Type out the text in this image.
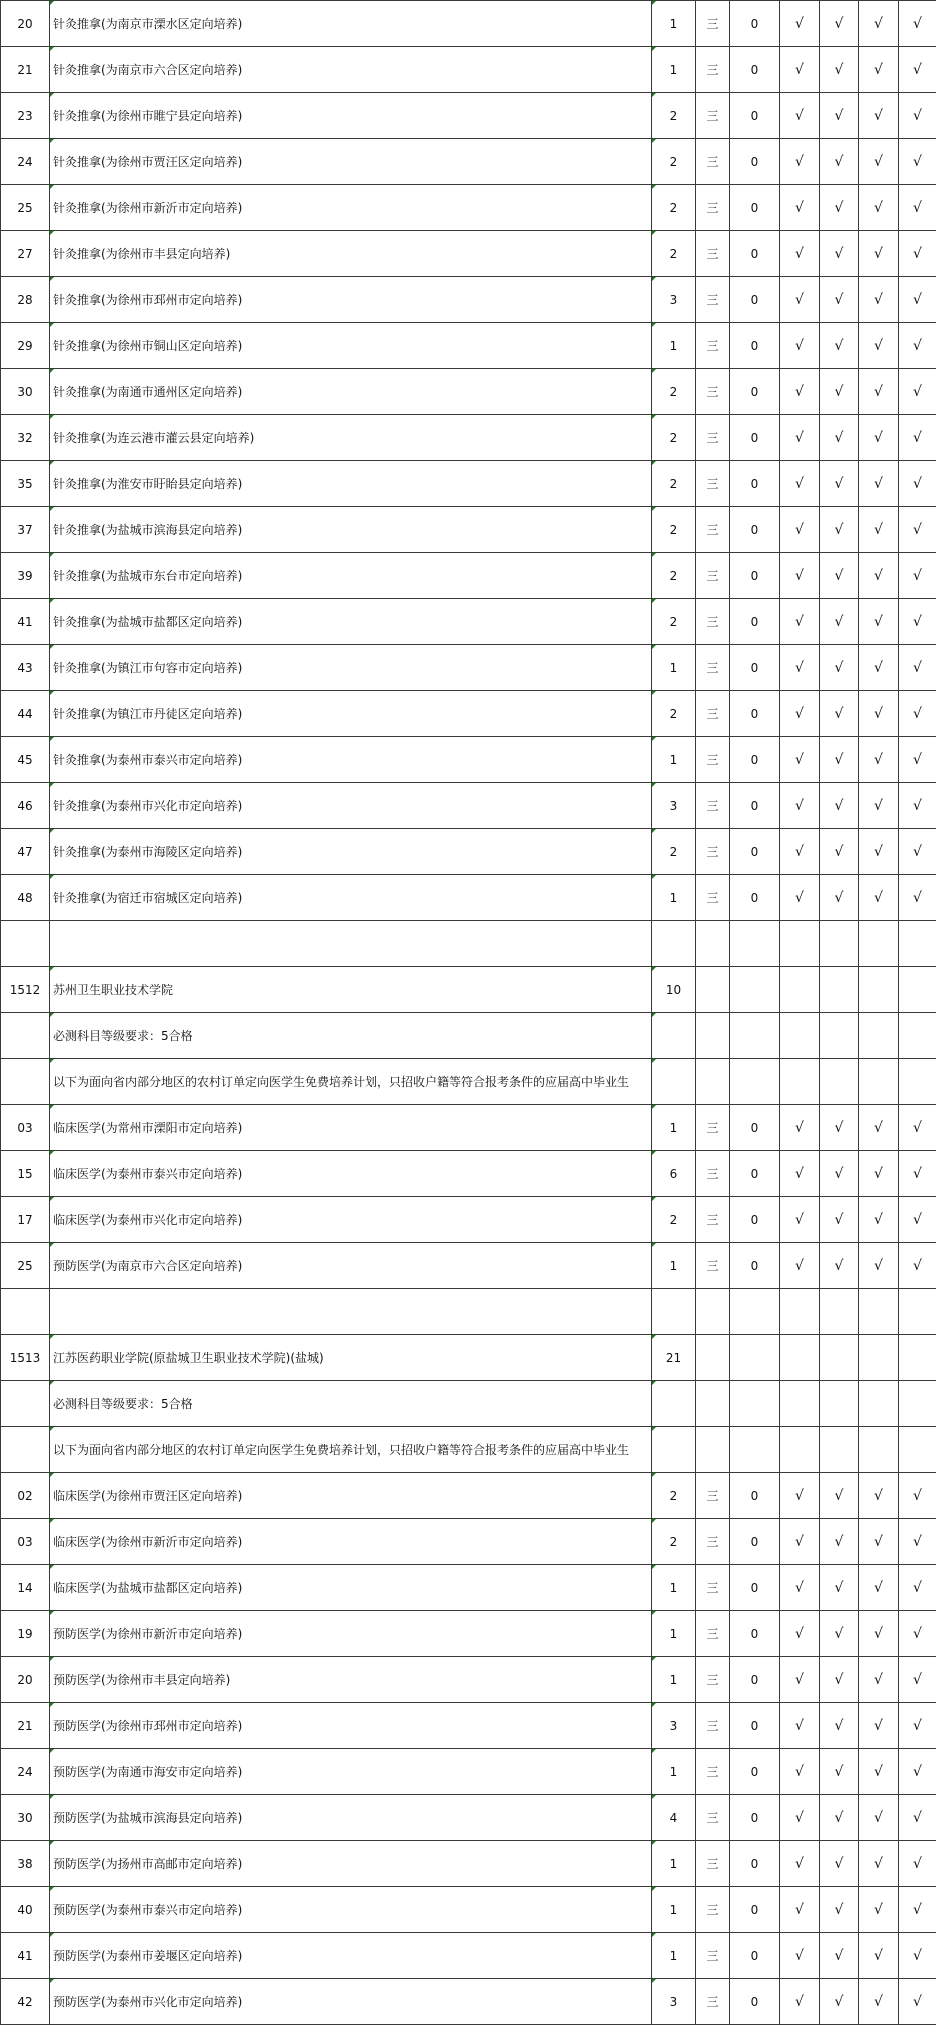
20	针灸推拿(为南京市溧水区定向培养)	1	三	0	√	√	√	√
21	针灸推拿(为南京市六合区定向培养)	1	三	0	√	√	√	√
23	针灸推拿(为徐州市睢宁县定向培养)	2	三	0	√	√	√	√
24	针灸推拿(为徐州市贾汪区定向培养)	2	三	0	√	√	√	√
25	针灸推拿(为徐州市新沂市定向培养)	2	三	0	√	√	√	√
27	针灸推拿(为徐州市丰县定向培养)	2	三	0	√	√	√	√
28	针灸推拿(为徐州市邳州市定向培养)	3	三	0	√	√	√	√
29	针灸推拿(为徐州市铜山区定向培养)	1	三	0	√	√	√	√
30	针灸推拿(为南通市通州区定向培养)	2	三	0	√	√	√	√
32	针灸推拿(为连云港市灌云县定向培养)	2	三	0	√	√	√	√
35	针灸推拿(为淮安市盱眙县定向培养)	2	三	0	√	√	√	√
37	针灸推拿(为盐城市滨海县定向培养)	2	三	0	√	√	√	√
39	针灸推拿(为盐城市东台市定向培养)	2	三	0	√	√	√	√
41	针灸推拿(为盐城市盐都区定向培养)	2	三	0	√	√	√	√
43	针灸推拿(为镇江市句容市定向培养)	1	三	0	√	√	√	√
44	针灸推拿(为镇江市丹徒区定向培养)	2	三	0	√	√	√	√
45	针灸推拿(为泰州市泰兴市定向培养)	1	三	0	√	√	√	√
46	针灸推拿(为泰州市兴化市定向培养)	3	三	0	√	√	√	√
47	针灸推拿(为泰州市海陵区定向培养)	2	三	0	√	√	√	√
48	针灸推拿(为宿迁市宿城区定向培养)	1	三	0	√	√	√	√

1512	苏州卫生职业技术学院	10						
	必测科目等级要求：5合格							
	以下为面向省内部分地区的农村订单定向医学生免费培养计划，只招收户籍等符合报考条件的应届高中毕业生							
03	临床医学(为常州市溧阳市定向培养)	1	三	0	√	√	√	√
15	临床医学(为泰州市泰兴市定向培养)	6	三	0	√	√	√	√
17	临床医学(为泰州市兴化市定向培养)	2	三	0	√	√	√	√
25	预防医学(为南京市六合区定向培养)	1	三	0	√	√	√	√

1513	江苏医药职业学院(原盐城卫生职业技术学院)(盐城)	21						
	必测科目等级要求：5合格							
	以下为面向省内部分地区的农村订单定向医学生免费培养计划，只招收户籍等符合报考条件的应届高中毕业生							
02	临床医学(为徐州市贾汪区定向培养)	2	三	0	√	√	√	√
03	临床医学(为徐州市新沂市定向培养)	2	三	0	√	√	√	√
14	临床医学(为盐城市盐都区定向培养)	1	三	0	√	√	√	√
19	预防医学(为徐州市新沂市定向培养)	1	三	0	√	√	√	√
20	预防医学(为徐州市丰县定向培养)	1	三	0	√	√	√	√
21	预防医学(为徐州市邳州市定向培养)	3	三	0	√	√	√	√
24	预防医学(为南通市海安市定向培养)	1	三	0	√	√	√	√
30	预防医学(为盐城市滨海县定向培养)	4	三	0	√	√	√	√
38	预防医学(为扬州市高邮市定向培养)	1	三	0	√	√	√	√
40	预防医学(为泰州市泰兴市定向培养)	1	三	0	√	√	√	√
41	预防医学(为泰州市姜堰区定向培养)	1	三	0	√	√	√	√
42	预防医学(为泰州市兴化市定向培养)	3	三	0	√	√	√	√
